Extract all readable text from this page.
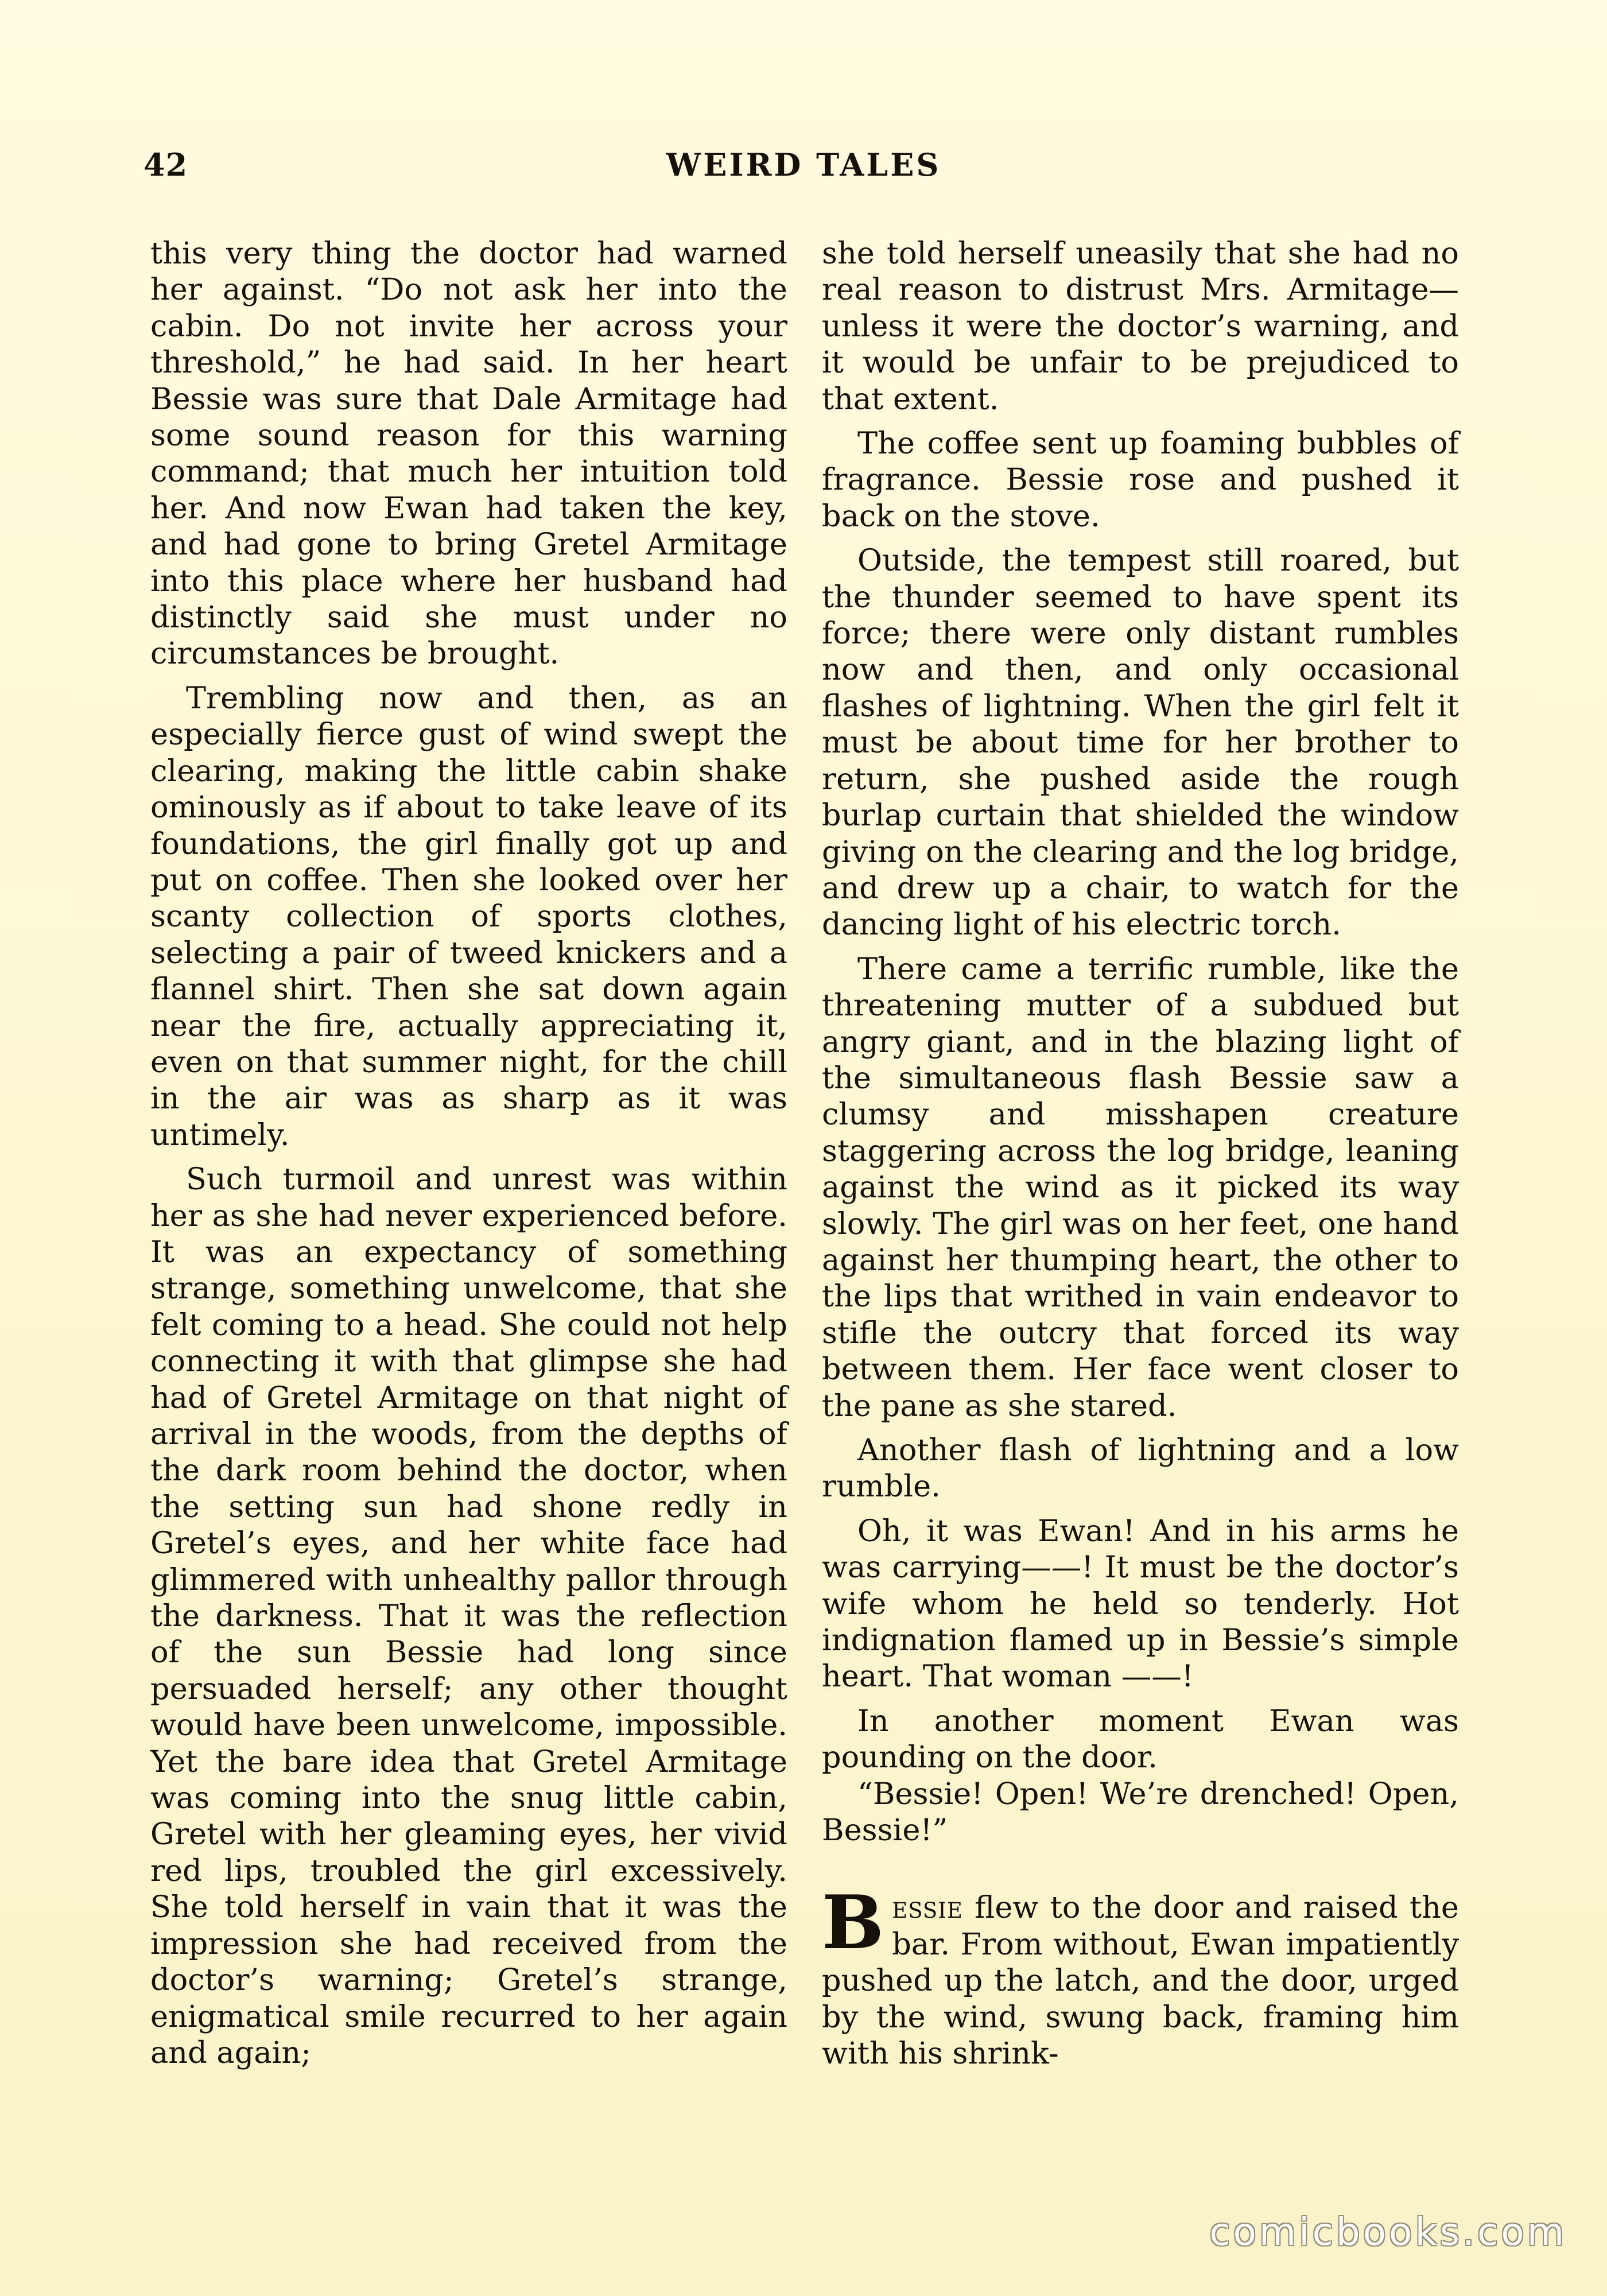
42	WEIRD TALES

this very thing the doctor had warned her against. “Do not ask her into the cabin. Do not invite her across your threshold,” he had said. In her heart Bessie was sure that Dale Armitage had some sound reason for this warning command; that much her intuition told her. And now Ewan had taken the key, and had gone to bring Gretel Armitage into this place where her husband had distinctly said she must under no circumstances be brought.

Trembling now and then, as an especially fierce gust of wind swept the clearing, making the little cabin shake ominously as if about to take leave of its foundations, the girl finally got up and put on coffee. Then she looked over her scanty collection of sports clothes, selecting a pair of tweed knickers and a flannel shirt. Then she sat down again near the fire, actually appreciating it, even on that summer night, for the chill in the air was as sharp as it was untimely.

Such turmoil and unrest was within her as she had never experienced before. It was an expectancy of something strange, something unwelcome, that she felt coming to a head. She could not help connecting it with that glimpse she had had of Gretel Armitage on that night of arrival in the woods, from the depths of the dark room behind the doctor, when the setting sun had shone redly in Gretel’s eyes, and her white face had glimmered with unhealthy pallor through the darkness. That it was the reflection of the sun Bessie had long since persuaded herself; any other thought would have been unwelcome, impossible. Yet the bare idea that Gretel Armitage was coming into the snug little cabin, Gretel with her gleaming eyes, her vivid red lips, troubled the girl excessively. She told herself in vain that it was the impression she had received from the doctor’s warning; Gretel’s strange, enigmatical smile recurred to her again and again;

she told herself uneasily that she had no real reason to distrust Mrs. Armitage—unless it were the doctor’s warning, and it would be unfair to be prejudiced to that extent.

The coffee sent up foaming bubbles of fragrance. Bessie rose and pushed it back on the stove.

Outside, the tempest still roared, but the thunder seemed to have spent its force; there were only distant rumbles now and then, and only occasional flashes of lightning. When the girl felt it must be about time for her brother to return, she pushed aside the rough burlap curtain that shielded the window giving on the clearing and the log bridge, and drew up a chair, to watch for the dancing light of his electric torch.

There came a terrific rumble, like the threatening mutter of a subdued but angry giant, and in the blazing light of the simultaneous flash Bessie saw a clumsy and misshapen creature staggering across the log bridge, leaning against the wind as it picked its way slowly. The girl was on her feet, one hand against her thumping heart, the other to the lips that writhed in vain endeavor to stifle the outcry that forced its way between them. Her face went closer to the pane as she stared.

Another flash of lightning and a low rumble.

Oh, it was Ewan! And in his arms he was carrying——! It must be the doctor’s wife whom he held so tenderly. Hot indignation flamed up in Bessie’s simple heart. That woman ——!

In another moment Ewan was pounding on the door.

“Bessie! Open! We’re drenched! Open, Bessie!”

Bessie flew to the door and raised the bar. From without, Ewan impatiently pushed up the latch, and the door, urged by the wind, swung back, framing him with his shrink-

comicbooks.com
